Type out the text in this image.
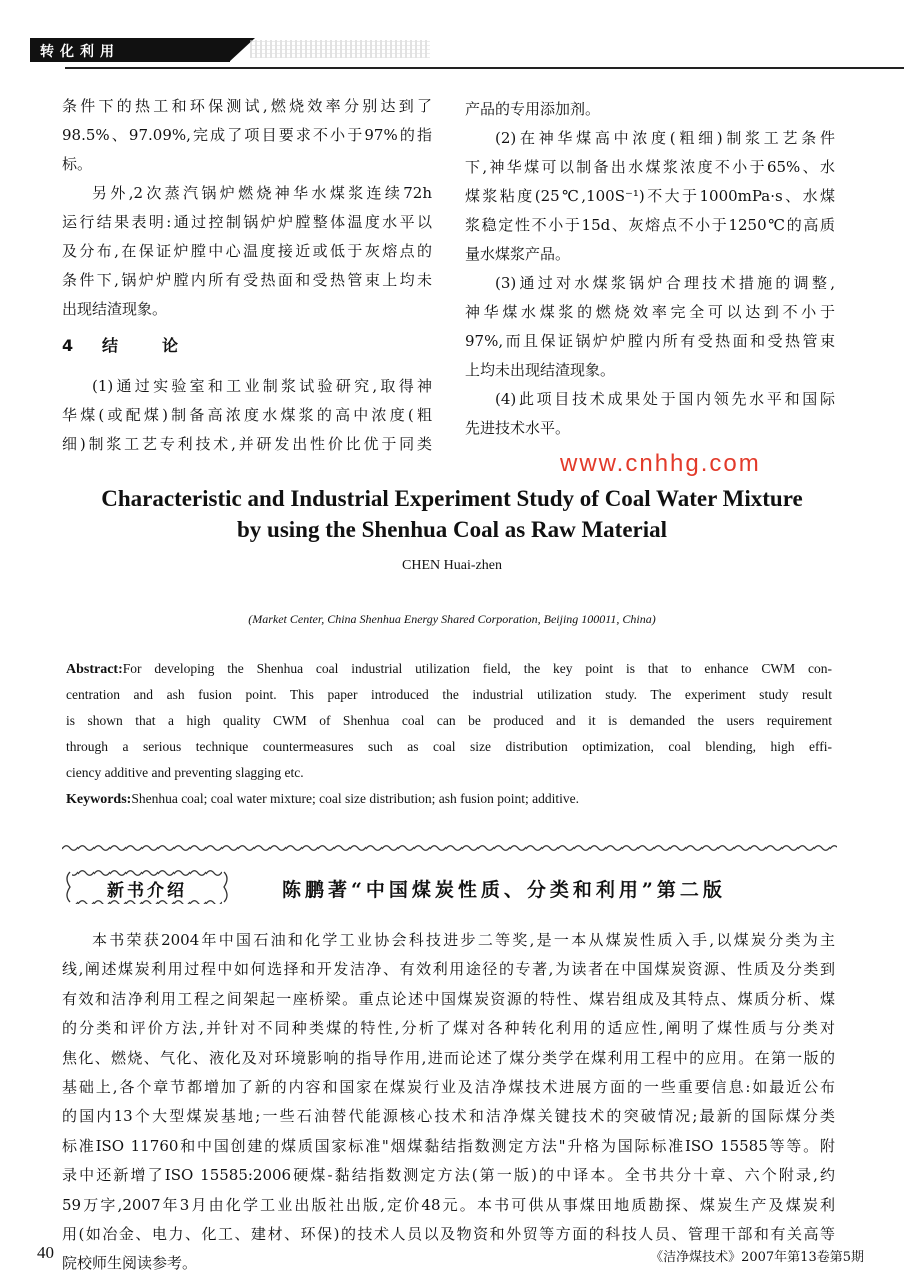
转化利用
条件下的热工和环保测试,燃烧效率分别达到了
98.5%、97.09%,完成了项目要求不小于97%的指
标。
另外,2次蒸汽锅炉燃烧神华水煤浆连续72h
运行结果表明:通过控制锅炉炉膛整体温度水平以
及分布,在保证炉膛中心温度接近或低于灰熔点的
条件下,锅炉炉膛内所有受热面和受热管束上均未
出现结渣现象。
4 结　论
(1)通过实验室和工业制浆试验研究,取得神
华煤(或配煤)制备高浓度水煤浆的高中浓度(粗
细)制浆工艺专利技术,并研发出性价比优于同类
产品的专用添加剂。
(2)在神华煤高中浓度(粗细)制浆工艺条件
下,神华煤可以制备出水煤浆浓度不小于65%、水
煤浆粘度(25℃,100S⁻¹)不大于1000mPa·s、水煤
浆稳定性不小于15d、灰熔点不小于1250℃的高质
量水煤浆产品。
(3)通过对水煤浆锅炉合理技术措施的调整,
神华煤水煤浆的燃烧效率完全可以达到不小于
97%,而且保证锅炉炉膛内所有受热面和受热管束
上均未出现结渣现象。
(4)此项目技术成果处于国内领先水平和国际
先进技术水平。
www.cnhhg.com
Characteristic and Industrial Experiment Study of Coal Water Mixture
by using the Shenhua Coal as Raw Material
CHEN Huai-zhen
(Market Center, China Shenhua Energy Shared Corporation, Beijing 100011, China)
Abstract:For developing the Shenhua coal industrial utilization field, the key point is that to enhance CWM con-
centration and ash fusion point. This paper introduced the industrial utilization study. The experiment study result
is shown that a high quality CWM of Shenhua coal can be produced and it is demanded the users requirement
through a serious technique countermeasures such as coal size distribution optimization, coal blending, high effi-
ciency additive and preventing slagging etc.
Keywords:Shenhua coal; coal water mixture; coal size distribution; ash fusion point; additive.
新书介绍	陈鹏著“中国煤炭性质、分类和利用”第二版
本书荣获2004年中国石油和化学工业协会科技进步二等奖,是一本从煤炭性质入手,以煤炭分类为主
线,阐述煤炭利用过程中如何选择和开发洁净、有效利用途径的专著,为读者在中国煤炭资源、性质及分类到
有效和洁净利用工程之间架起一座桥梁。重点论述中国煤炭资源的特性、煤岩组成及其特点、煤质分析、煤
的分类和评价方法,并针对不同种类煤的特性,分析了煤对各种转化利用的适应性,阐明了煤性质与分类对
焦化、燃烧、气化、液化及对环境影响的指导作用,进而论述了煤分类学在煤利用工程中的应用。在第一版的
基础上,各个章节都增加了新的内容和国家在煤炭行业及洁净煤技术进展方面的一些重要信息:如最近公布
的国内13个大型煤炭基地;一些石油替代能源核心技术和洁净煤关键技术的突破情况;最新的国际煤分类
标准ISO 11760和中国创建的煤质国家标准"烟煤黏结指数测定方法"升格为国际标准ISO 15585等等。附
录中还新增了ISO 15585:2006硬煤-黏结指数测定方法(第一版)的中译本。全书共分十章、六个附录,约
59万字,2007年3月由化学工业出版社出版,定价48元。本书可供从事煤田地质勘探、煤炭生产及煤炭利
用(如冶金、电力、化工、建材、环保)的技术人员以及物资和外贸等方面的科技人员、管理干部和有关高等
院校师生阅读参考。
40	《洁净煤技术》2007年第13卷第5期
